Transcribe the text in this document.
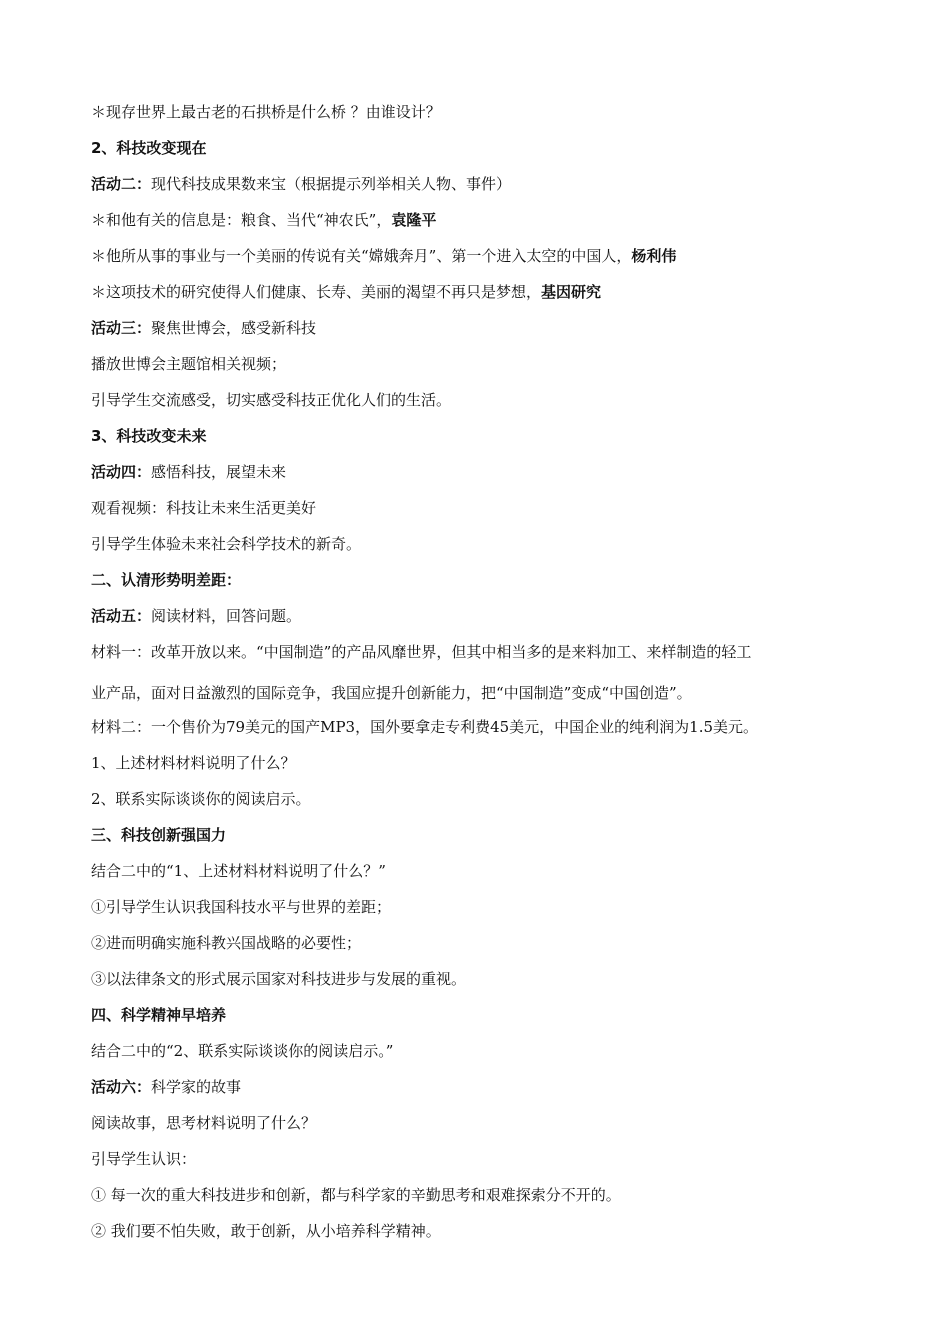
＊现存世界上最古老的石拱桥是什么桥 ？由谁设计？
2、科技改变现在
活动二：现代科技成果数来宝（根据提示列举相关人物、事件）
＊和他有关的信息是：粮食、当代“神农氏”，袁隆平
＊他所从事的事业与一个美丽的传说有关“嫦娥奔月”、第一个进入太空的中国人，杨利伟
＊这项技术的研究使得人们健康、长寿、美丽的渴望不再只是梦想，基因研究
活动三：聚焦世博会，感受新科技
播放世博会主题馆相关视频；
引导学生交流感受，切实感受科技正优化人们的生活。
3、科技改变未来
活动四：感悟科技，展望未来
观看视频：科技让未来生活更美好
引导学生体验未来社会科学技术的新奇。
二、认清形势明差距：
活动五：阅读材料，回答问题。
材料一：改革开放以来。“中国制造”的产品风靡世界，但其中相当多的是来料加工、来样制造的轻工
业产品，面对日益激烈的国际竞争，我国应提升创新能力，把“中国制造”变成“中国创造”。
材料二：一个售价为79美元的国产MP3，国外要拿走专利费45美元，中国企业的纯利润为1.5美元。
1、上述材料材料说明了什么？
2、联系实际谈谈你的阅读启示。
三、科技创新强国力
结合二中的“1、上述材料材料说明了什么？”
①引导学生认识我国科技水平与世界的差距；
②进而明确实施科教兴国战略的必要性；
③以法律条文的形式展示国家对科技进步与发展的重视。
四、科学精神早培养
结合二中的“2、联系实际谈谈你的阅读启示。”
活动六：科学家的故事
阅读故事，思考材料说明了什么？
引导学生认识：
① 每一次的重大科技进步和创新，都与科学家的辛勤思考和艰难探索分不开的。
② 我们要不怕失败，敢于创新，从小培养科学精神。
